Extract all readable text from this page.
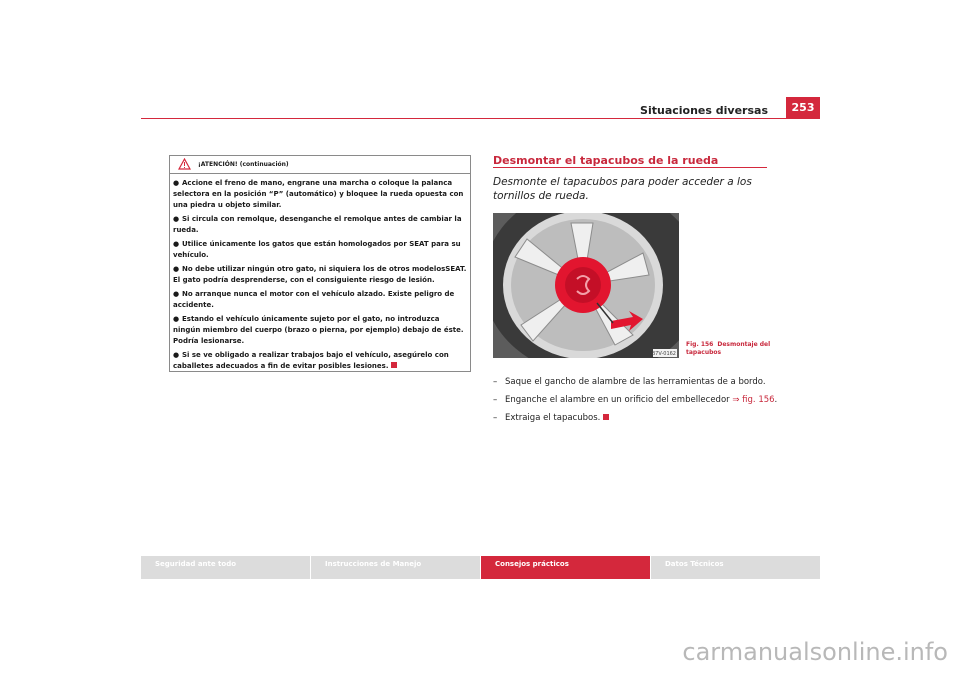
Situaciones diversas	253
¡ATENCIÓN! (continuación)
● Accione el freno de mano, engrane una marcha o coloque la palanca selectora en la posición “P” (automático) y bloquee la rueda opuesta con una piedra u objeto similar.
● Si circula con remolque, desenganche el remolque antes de cambiar la rueda.
● Utilice únicamente los gatos que están homologados por SEAT para su vehículo.
● No debe utilizar ningún otro gato, ni siquiera los de otros modelosSEAT. El gato podría desprenderse, con el consiguiente riesgo de lesión.
● No arranque nunca el motor con el vehículo alzado. Existe peligro de accidente.
● Estando el vehículo únicamente sujeto por el gato, no introduzca ningún miembro del cuerpo (brazo o pierna, por ejemplo) debajo de éste. Podría lesionarse.
● Si se ve obligado a realizar trabajos bajo el vehículo, asegúrelo con caballetes adecuados a fin de evitar posibles lesiones.
Desmontar el tapacubos de la rueda
Desmonte el tapacubos para poder acceder a los tornillos de rueda.
B7V-0162
Fig. 156 Desmontaje del tapacubos
– Saque el gancho de alambre de las herramientas de a bordo.
– Enganche el alambre en un orificio del embellecedor ⇒ fig. 156.
– Extraiga el tapacubos.
Seguridad ante todo	Instrucciones de Manejo	Consejos prácticos	Datos Técnicos
carmanualsonline.info
